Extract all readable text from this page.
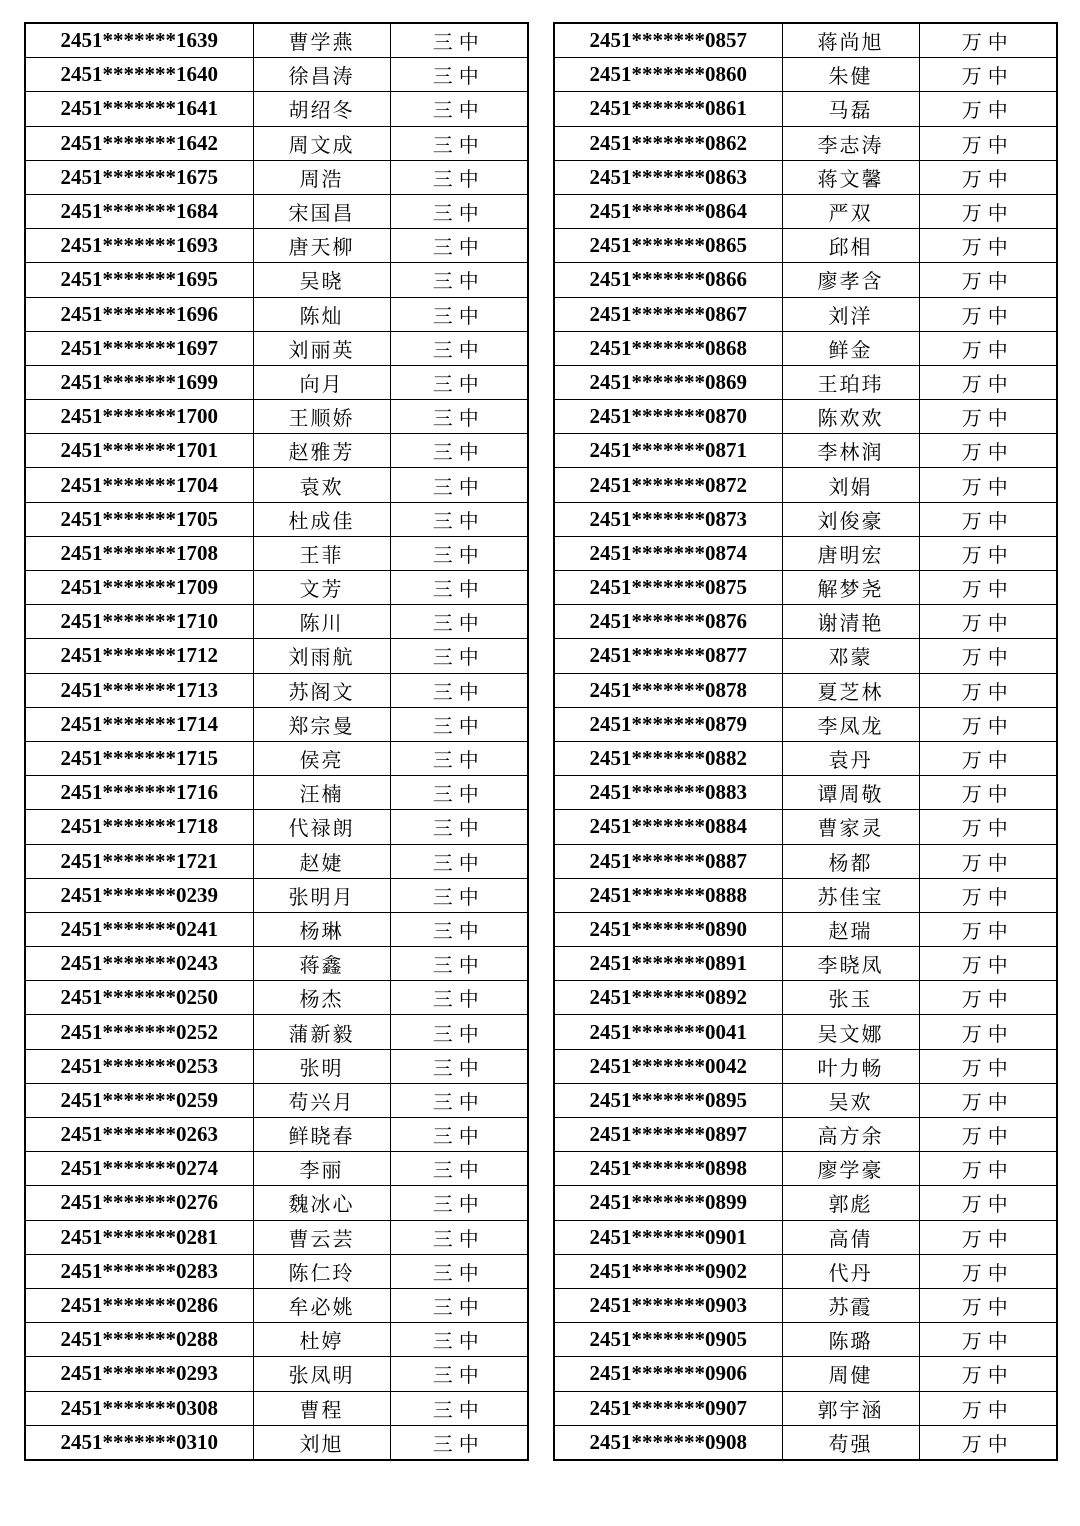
2451*******1639	曹学燕	三中
2451*******1640	徐昌涛	三中
2451*******1641	胡绍冬	三中
2451*******1642	周文成	三中
2451*******1675	周浩	三中
2451*******1684	宋国昌	三中
2451*******1693	唐天柳	三中
2451*******1695	吴晓	三中
2451*******1696	陈灿	三中
2451*******1697	刘丽英	三中
2451*******1699	向月	三中
2451*******1700	王顺娇	三中
2451*******1701	赵雅芳	三中
2451*******1704	袁欢	三中
2451*******1705	杜成佳	三中
2451*******1708	王菲	三中
2451*******1709	文芳	三中
2451*******1710	陈川	三中
2451*******1712	刘雨航	三中
2451*******1713	苏阁文	三中
2451*******1714	郑宗曼	三中
2451*******1715	侯亮	三中
2451*******1716	汪楠	三中
2451*******1718	代禄朗	三中
2451*******1721	赵婕	三中
2451*******0239	张明月	三中
2451*******0241	杨琳	三中
2451*******0243	蒋鑫	三中
2451*******0250	杨杰	三中
2451*******0252	蒲新毅	三中
2451*******0253	张明	三中
2451*******0259	苟兴月	三中
2451*******0263	鲜晓春	三中
2451*******0274	李丽	三中
2451*******0276	魏冰心	三中
2451*******0281	曹云芸	三中
2451*******0283	陈仁玲	三中
2451*******0286	牟必姚	三中
2451*******0288	杜婷	三中
2451*******0293	张凤明	三中
2451*******0308	曹程	三中
2451*******0310	刘旭	三中
2451*******0857	蒋尚旭	万中
2451*******0860	朱健	万中
2451*******0861	马磊	万中
2451*******0862	李志涛	万中
2451*******0863	蒋文馨	万中
2451*******0864	严双	万中
2451*******0865	邱相	万中
2451*******0866	廖孝含	万中
2451*******0867	刘洋	万中
2451*******0868	鲜金	万中
2451*******0869	王珀玮	万中
2451*******0870	陈欢欢	万中
2451*******0871	李林润	万中
2451*******0872	刘娟	万中
2451*******0873	刘俊豪	万中
2451*******0874	唐明宏	万中
2451*******0875	解梦尧	万中
2451*******0876	谢清艳	万中
2451*******0877	邓蒙	万中
2451*******0878	夏芝林	万中
2451*******0879	李凤龙	万中
2451*******0882	袁丹	万中
2451*******0883	谭周敬	万中
2451*******0884	曹家灵	万中
2451*******0887	杨都	万中
2451*******0888	苏佳宝	万中
2451*******0890	赵瑞	万中
2451*******0891	李晓凤	万中
2451*******0892	张玉	万中
2451*******0041	吴文娜	万中
2451*******0042	叶力畅	万中
2451*******0895	吴欢	万中
2451*******0897	高方余	万中
2451*******0898	廖学豪	万中
2451*******0899	郭彪	万中
2451*******0901	高倩	万中
2451*******0902	代丹	万中
2451*******0903	苏霞	万中
2451*******0905	陈璐	万中
2451*******0906	周健	万中
2451*******0907	郭宇涵	万中
2451*******0908	苟强	万中
